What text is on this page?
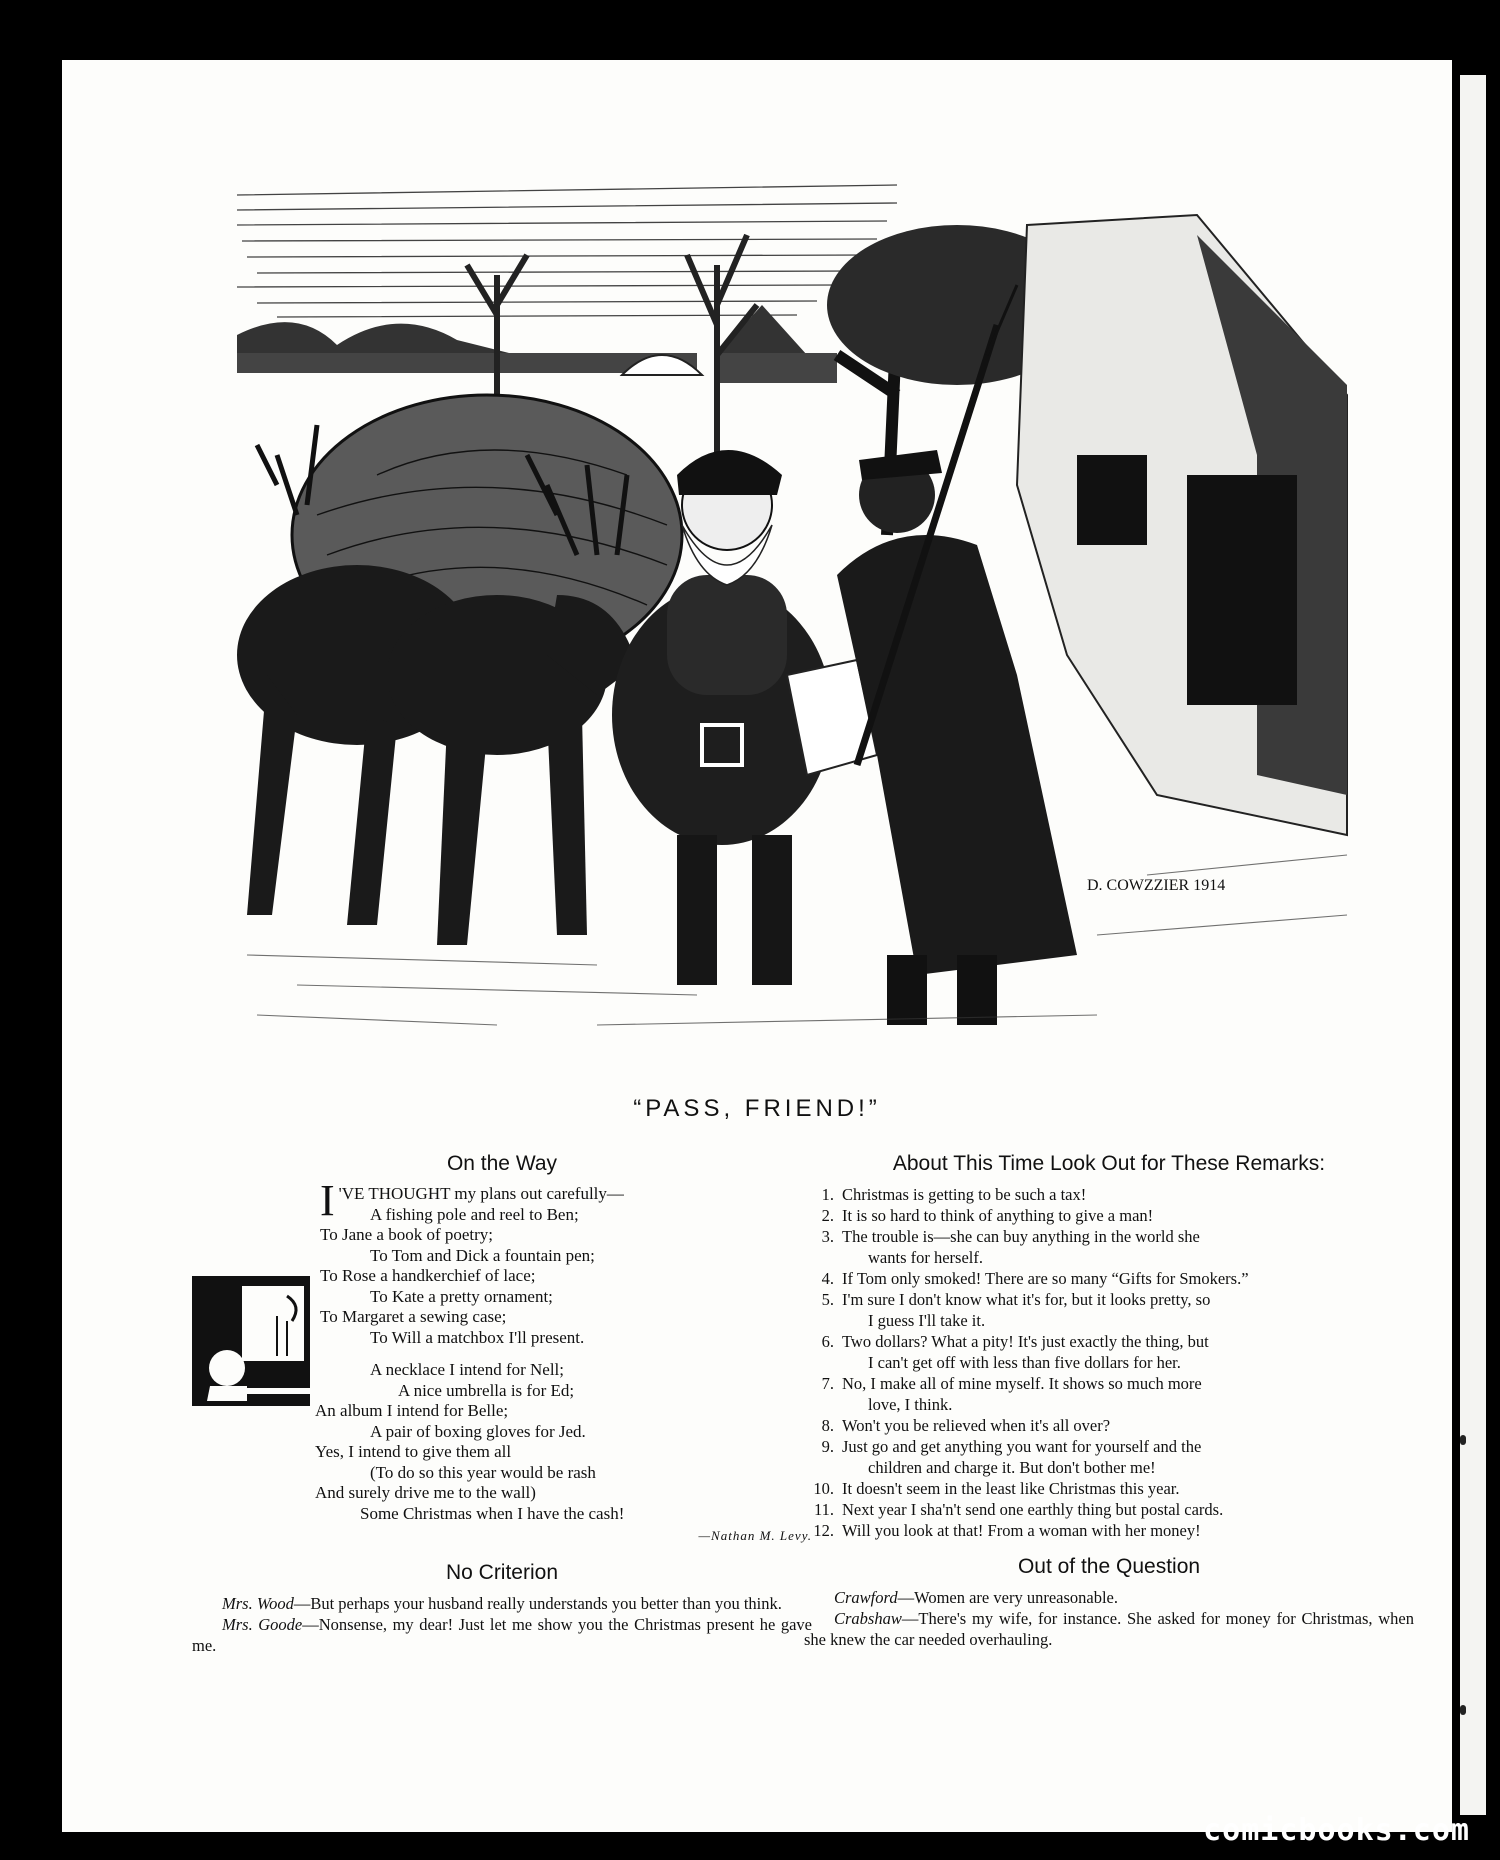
D. COWZZIER 1914
“PASS, FRIEND!”
On the Way
I 'VE THOUGHT my plans out carefully—
A fishing pole and reel to Ben;
To Jane a book of poetry;
To Tom and Dick a fountain pen;
To Rose a handkerchief of lace;
To Kate a pretty ornament;
To Margaret a sewing case;
To Will a matchbox I'll present.
A necklace I intend for Nell;
A nice umbrella is for Ed;
An album I intend for Belle;
A pair of boxing gloves for Jed.
Yes, I intend to give them all
(To do so this year would be rash
And surely drive me to the wall)
Some Christmas when I have the cash!
—Nathan M. Levy.
No Criterion

Mrs. Wood—But perhaps your husband really understands you better than you think.

Mrs. Goode—Nonsense, my dear! Just let me show you the Christmas present he gave me.

About This Time Look Out for These Remarks:
1. Christmas is getting to be such a tax!
2. It is so hard to think of anything to give a man!
3. The trouble is—she can buy anything in the world she
wants for herself.
4. If Tom only smoked! There are so many “Gifts for Smokers.”
5. I'm sure I don't know what it's for, but it looks pretty, so
I guess I'll take it.
6. Two dollars? What a pity! It's just exactly the thing, but
I can't get off with less than five dollars for her.
7. No, I make all of mine myself. It shows so much more
love, I think.
8. Won't you be relieved when it's all over?
9. Just go and get anything you want for yourself and the
children and charge it. But don't bother me!
10. It doesn't seem in the least like Christmas this year.
11. Next year I sha'n't send one earthly thing but postal cards.
12. Will you look at that! From a woman with her money!
Out of the Question

Crawford—Women are very unreasonable.

Crabshaw—There's my wife, for instance. She asked for money for Christmas, when she knew the car needed overhauling.

comicbooks.com
